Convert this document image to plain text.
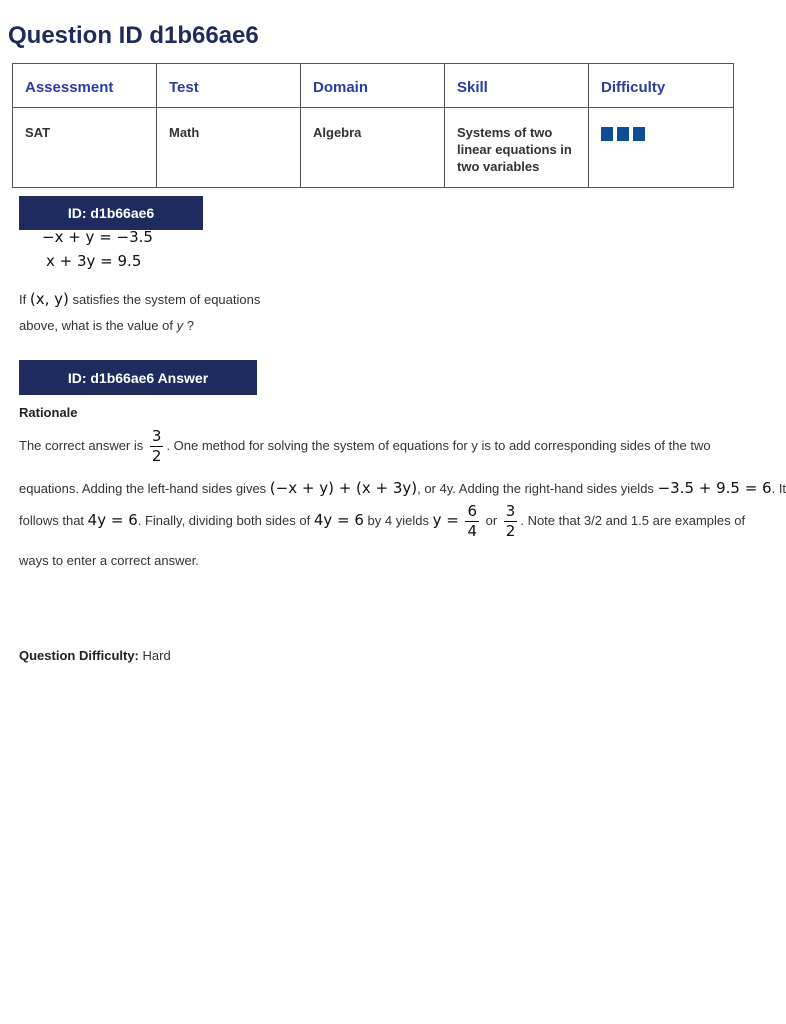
Question ID d1b66ae6
Assessment	Test	Domain	Skill	Difficulty
SAT	Math	Algebra	Systems of two
linear equations in
two variables	

ID: d1b66ae6
−x + y = −3.5
x + 3y = 9.5
If (x, y) satisfies the system of equations
above, what is the value of y ?
ID: d1b66ae6 Answer
Rationale
The correct answer is $\frac{3}{2}$ . One method for solving the system of equations for y is to add corresponding sides of the two
equations. Adding the left-hand sides gives (−x + y) + (x + 3y), or 4y. Adding the right-hand sides yields −3.5 + 9.5 = 6. It
follows that 4y = 6. Finally, dividing both sides of 4y = 6 by 4 yields $y = \frac{6}{4}$ or $\frac{3}{2}$ . Note that 3/2 and 1.5 are examples of
ways to enter a correct answer.
Question Difficulty: Hard
